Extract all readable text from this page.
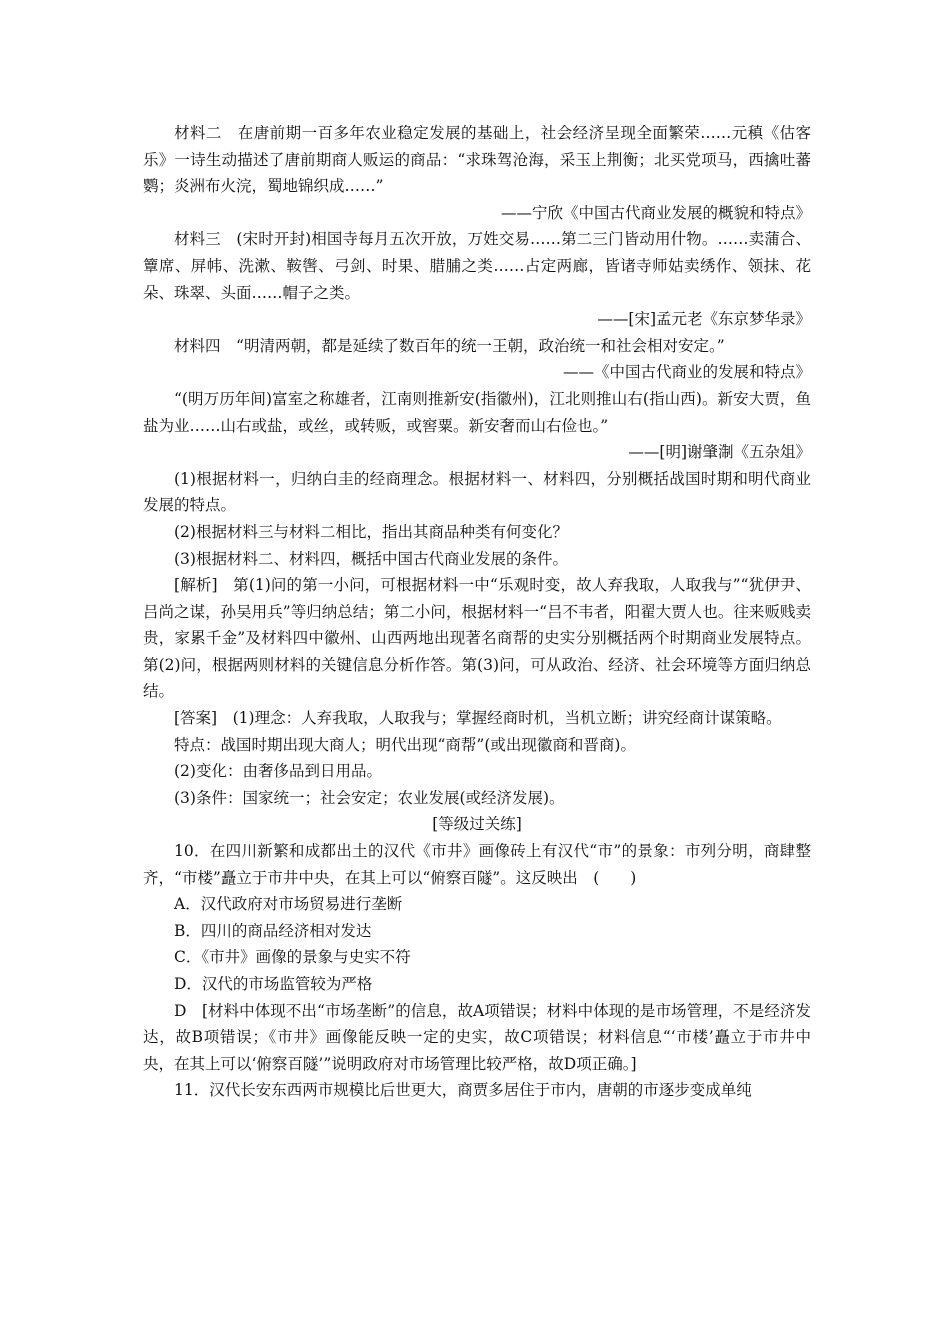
材料二 在唐前期一百多年农业稳定发展的基础上，社会经济呈现全面繁荣……元稹《估客乐》一诗生动描述了唐前期商人贩运的商品：“求珠驾沧海，采玉上荆衡；北买党项马，西擒吐蕃鹦；炎洲布火浣，蜀地锦织成……”

——宁欣《中国古代商业发展的概貌和特点》

材料三 (宋时开封)相国寺每月五次开放，万姓交易……第二三门皆动用什物。……卖蒲合、簟席、屏帏、洗漱、鞍辔、弓剑、时果、腊脯之类……占定两廊，皆诸寺师姑卖绣作、领抹、花朵、珠翠、头面……帽子之类。

——[宋]孟元老《东京梦华录》

材料四 “明清两朝，都是延续了数百年的统一王朝，政治统一和社会相对安定。”

——《中国古代商业的发展和特点》

“(明万历年间)富室之称雄者，江南则推新安(指徽州)，江北则推山右(指山西)。新安大贾，鱼盐为业……山右或盐，或丝，或转贩，或窖粟。新安奢而山右俭也。”

——[明]谢肇淛《五杂俎》

(1)根据材料一，归纳白圭的经商理念。根据材料一、材料四，分别概括战国时期和明代商业发展的特点。

(2)根据材料三与材料二相比，指出其商品种类有何变化？

(3)根据材料二、材料四，概括中国古代商业发展的条件。

[解析] 第(1)问的第一小问，可根据材料一中“乐观时变，故人弃我取，人取我与”“犹伊尹、吕尚之谋，孙吴用兵”等归纳总结；第二小问，根据材料一“吕不韦者，阳翟大贾人也。往来贩贱卖贵，家累千金”及材料四中徽州、山西两地出现著名商帮的史实分别概括两个时期商业发展特点。第(2)问，根据两则材料的关键信息分析作答。第(3)问，可从政治、经济、社会环境等方面归纳总结。

[答案] (1)理念：人弃我取，人取我与；掌握经商时机，当机立断；讲究经商计谋策略。

特点：战国时期出现大商人；明代出现“商帮”(或出现徽商和晋商)。

(2)变化：由奢侈品到日用品。

(3)条件：国家统一；社会安定；农业发展(或经济发展)。

[等级过关练]

10．在四川新繁和成都出土的汉代《市井》画像砖上有汉代“市”的景象：市列分明，商肆整齐，“市楼”矗立于市井中央，在其上可以“俯察百隧”。这反映出　(　　)

A．汉代政府对市场贸易进行垄断

B．四川的商品经济相对发达

C．《市井》画像的景象与史实不符

D．汉代的市场监管较为严格

D [材料中体现不出“市场垄断”的信息，故A项错误；材料中体现的是市场管理，不是经济发达，故B项错误；《市井》画像能反映一定的史实，故C项错误；材料信息“‘市楼’矗立于市井中央，在其上可以‘俯察百隧’”说明政府对市场管理比较严格，故D项正确。]

11．汉代长安东西两市规模比后世更大，商贾多居住于市内，唐朝的市逐步变成单纯
